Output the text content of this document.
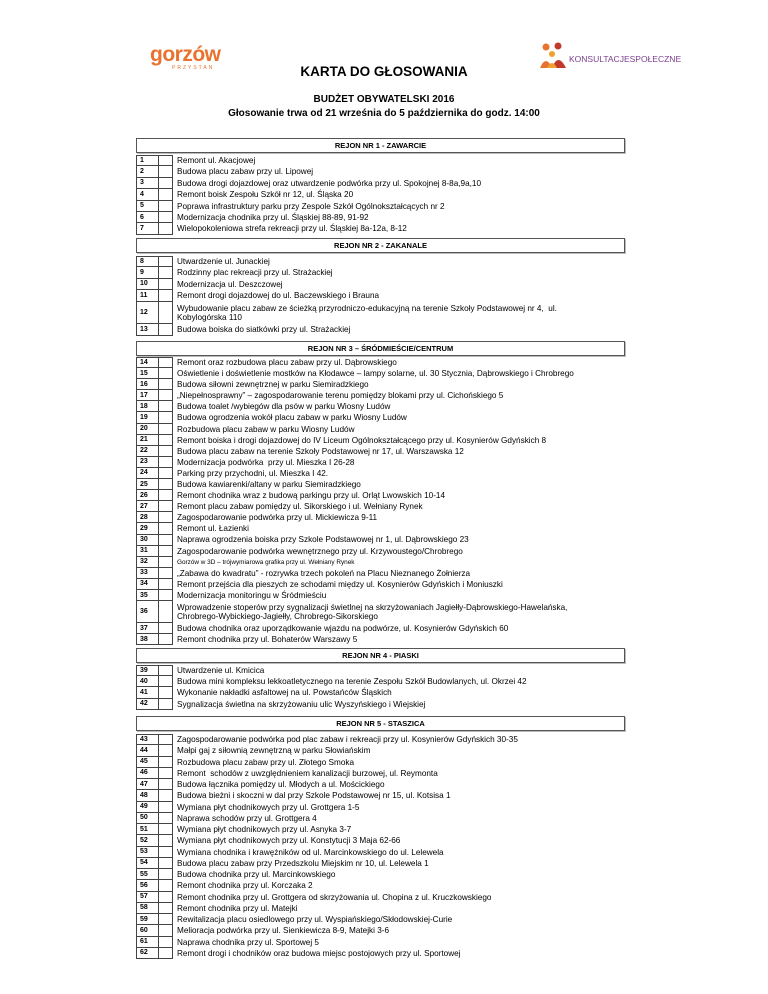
gorzów
PRZYSTAN
KONSULTACJE

SPOŁECZNE
KARTA DO GŁOSOWANIA
BUDŻET OBYWATELSKI 2016
Głosowanie trwa od 21 września do 5 października do godz. 14:00
REJON NR 1 - ZAWARCIE
1	Remont ul. Akacjowej
2	Budowa placu zabaw przy ul. Lipowej
3	Budowa drogi dojazdowej oraz utwardzenie podwórka przy ul. Spokojnej 8-8a,9a,10
4	Remont boisk Zespołu Szkół nr 12, ul. Śląska 20
5	Poprawa infrastruktury parku przy Zespole Szkół Ogólnokształcących nr 2
6	Modernizacja chodnika przy ul. Śląskiej 88-89, 91-92
7	Wielopokoleniowa strefa rekreacji przy ul. Śląskiej 8a-12a, 8-12
REJON NR 2 - ZAKANALE
8	Utwardzenie ul. Junackiej
9	Rodzinny plac rekreacji przy ul. Strażackiej
10	Modernizacja ul. Deszczowej
11	Remont drogi dojazdowej do ul. Baczewskiego i Brauna
12	Wybudowanie placu zabaw ze ścieżką przyrodniczo-edukacyjną na terenie Szkoły Podstawowej nr 4,  ul.
Kobylogórska 110
13	Budowa boiska do siatkówki przy ul. Strażackiej
REJON NR 3 – ŚRÓDMIEŚCIE/CENTRUM
14	Remont oraz rozbudowa placu zabaw przy ul. Dąbrowskiego
15	Oświetlenie i doświetlenie mostków na Kłodawce – lampy solarne, ul. 30 Stycznia, Dąbrowskiego i Chrobrego
16	Budowa siłowni zewnętrznej w parku Siemiradzkiego
17	„Niepełnosprawny” – zagospodarowanie terenu pomiędzy blokami przy ul. Cichońskiego 5
18	Budowa toalet /wybiegów dla psów w parku Wiosny Ludów
19	Budowa ogrodzenia wokół placu zabaw w parku Wiosny Ludów
20	Rozbudowa placu zabaw w parku Wiosny Ludów
21	Remont boiska i drogi dojazdowej do IV Liceum Ogólnokształcącego przy ul. Kosynierów Gdyńskich 8
22	Budowa placu zabaw na terenie Szkoły Podstawowej nr 17, ul. Warszawska 12
23	Modernizacja podwórka  przy ul. Mieszka I 26-28
24	Parking przy przychodni, ul. Mieszka I 42.
25	Budowa kawiarenki/altany w parku Siemiradzkiego
26	Remont chodnika wraz z budową parkingu przy ul. Orląt Lwowskich 10-14
27	Remont placu zabaw pomiędzy ul. Sikorskiego i ul. Wełniany Rynek
28	Zagospodarowanie podwórka przy ul. Mickiewicza 9-11
29	Remont ul. Łazienki
30	Naprawa ogrodzenia boiska przy Szkole Podstawowej nr 1, ul. Dąbrowskiego 23
31	Zagospodarowanie podwórka wewnętrznego przy ul. Krzywoustego/Chrobrego
32	Gorzów w 3D – trójwymiarowa grafika przy ul. Wełniany Rynek
33	„Zabawa do kwadratu” - rozrywka trzech pokoleń na Placu Nieznanego Żołnierza
34	Remont przejścia dla pieszych ze schodami między ul. Kosynierów Gdyńskich i Moniuszki
35	Modernizacja monitoringu w Śródmieściu
36	Wprowadzenie stoperów przy sygnalizacji świetlnej na skrzyżowaniach Jagiełły-Dąbrowskiego-Hawelańska,
Chrobrego-Wybickiego-Jagiełły, Chrobrego-Sikorskiego
37	Budowa chodnika oraz uporządkowanie wjazdu na podwórze, ul. Kosynierów Gdyńskich 60
38	Remont chodnika przy ul. Bohaterów Warszawy 5
REJON NR 4 - PIASKI
39	Utwardzenie ul. Kmicica
40	Budowa mini kompleksu lekkoatletycznego na terenie Zespołu Szkół Budowlanych, ul. Okrzei 42
41	Wykonanie nakładki asfaltowej na ul. Powstańców Śląskich
42	Sygnalizacja świetlna na skrzyżowaniu ulic Wyszyńskiego i Wiejskiej
REJON NR 5 - STASZICA
43	Zagospodarowanie podwórka pod plac zabaw i rekreacji przy ul. Kosynierów Gdyńskich 30-35
44	Małpi gaj z siłownią zewnętrzną w parku Słowiańskim
45	Rozbudowa placu zabaw przy ul. Złotego Smoka
46	Remont  schodów z uwzględnieniem kanalizacji burzowej, ul. Reymonta
47	Budowa łącznika pomiędzy ul. Młodych a ul. Mościckiego
48	Budowa bieżni i skoczni w dal przy Szkole Podstawowej nr 15, ul. Kotsisa 1
49	Wymiana płyt chodnikowych przy ul. Grottgera 1-5
50	Naprawa schodów przy ul. Grottgera 4
51	Wymiana płyt chodnikowych przy ul. Asnyka 3-7
52	Wymiana płyt chodnikowych przy ul. Konstytucji 3 Maja 62-66
53	Wymiana chodnika i krawężników od ul. Marcinkowskiego do ul. Lelewela
54	Budowa placu zabaw przy Przedszkolu Miejskim nr 10, ul. Lelewela 1
55	Budowa chodnika przy ul. Marcinkowskiego
56	Remont chodnika przy ul. Korczaka 2
57	Remont chodnika przy ul. Grottgera od skrzyżowania ul. Chopina z ul. Kruczkowskiego
58	Remont chodnika przy ul. Matejki
59	Rewitalizacja placu osiedlowego przy ul. Wyspiańskiego/Skłodowskiej-Curie
60	Melioracja podwórka przy ul. Sienkiewicza 8-9, Matejki 3-6
61	Naprawa chodnika przy ul. Sportowej 5
62	Remont drogi i chodników oraz budowa miejsc postojowych przy ul. Sportowej
